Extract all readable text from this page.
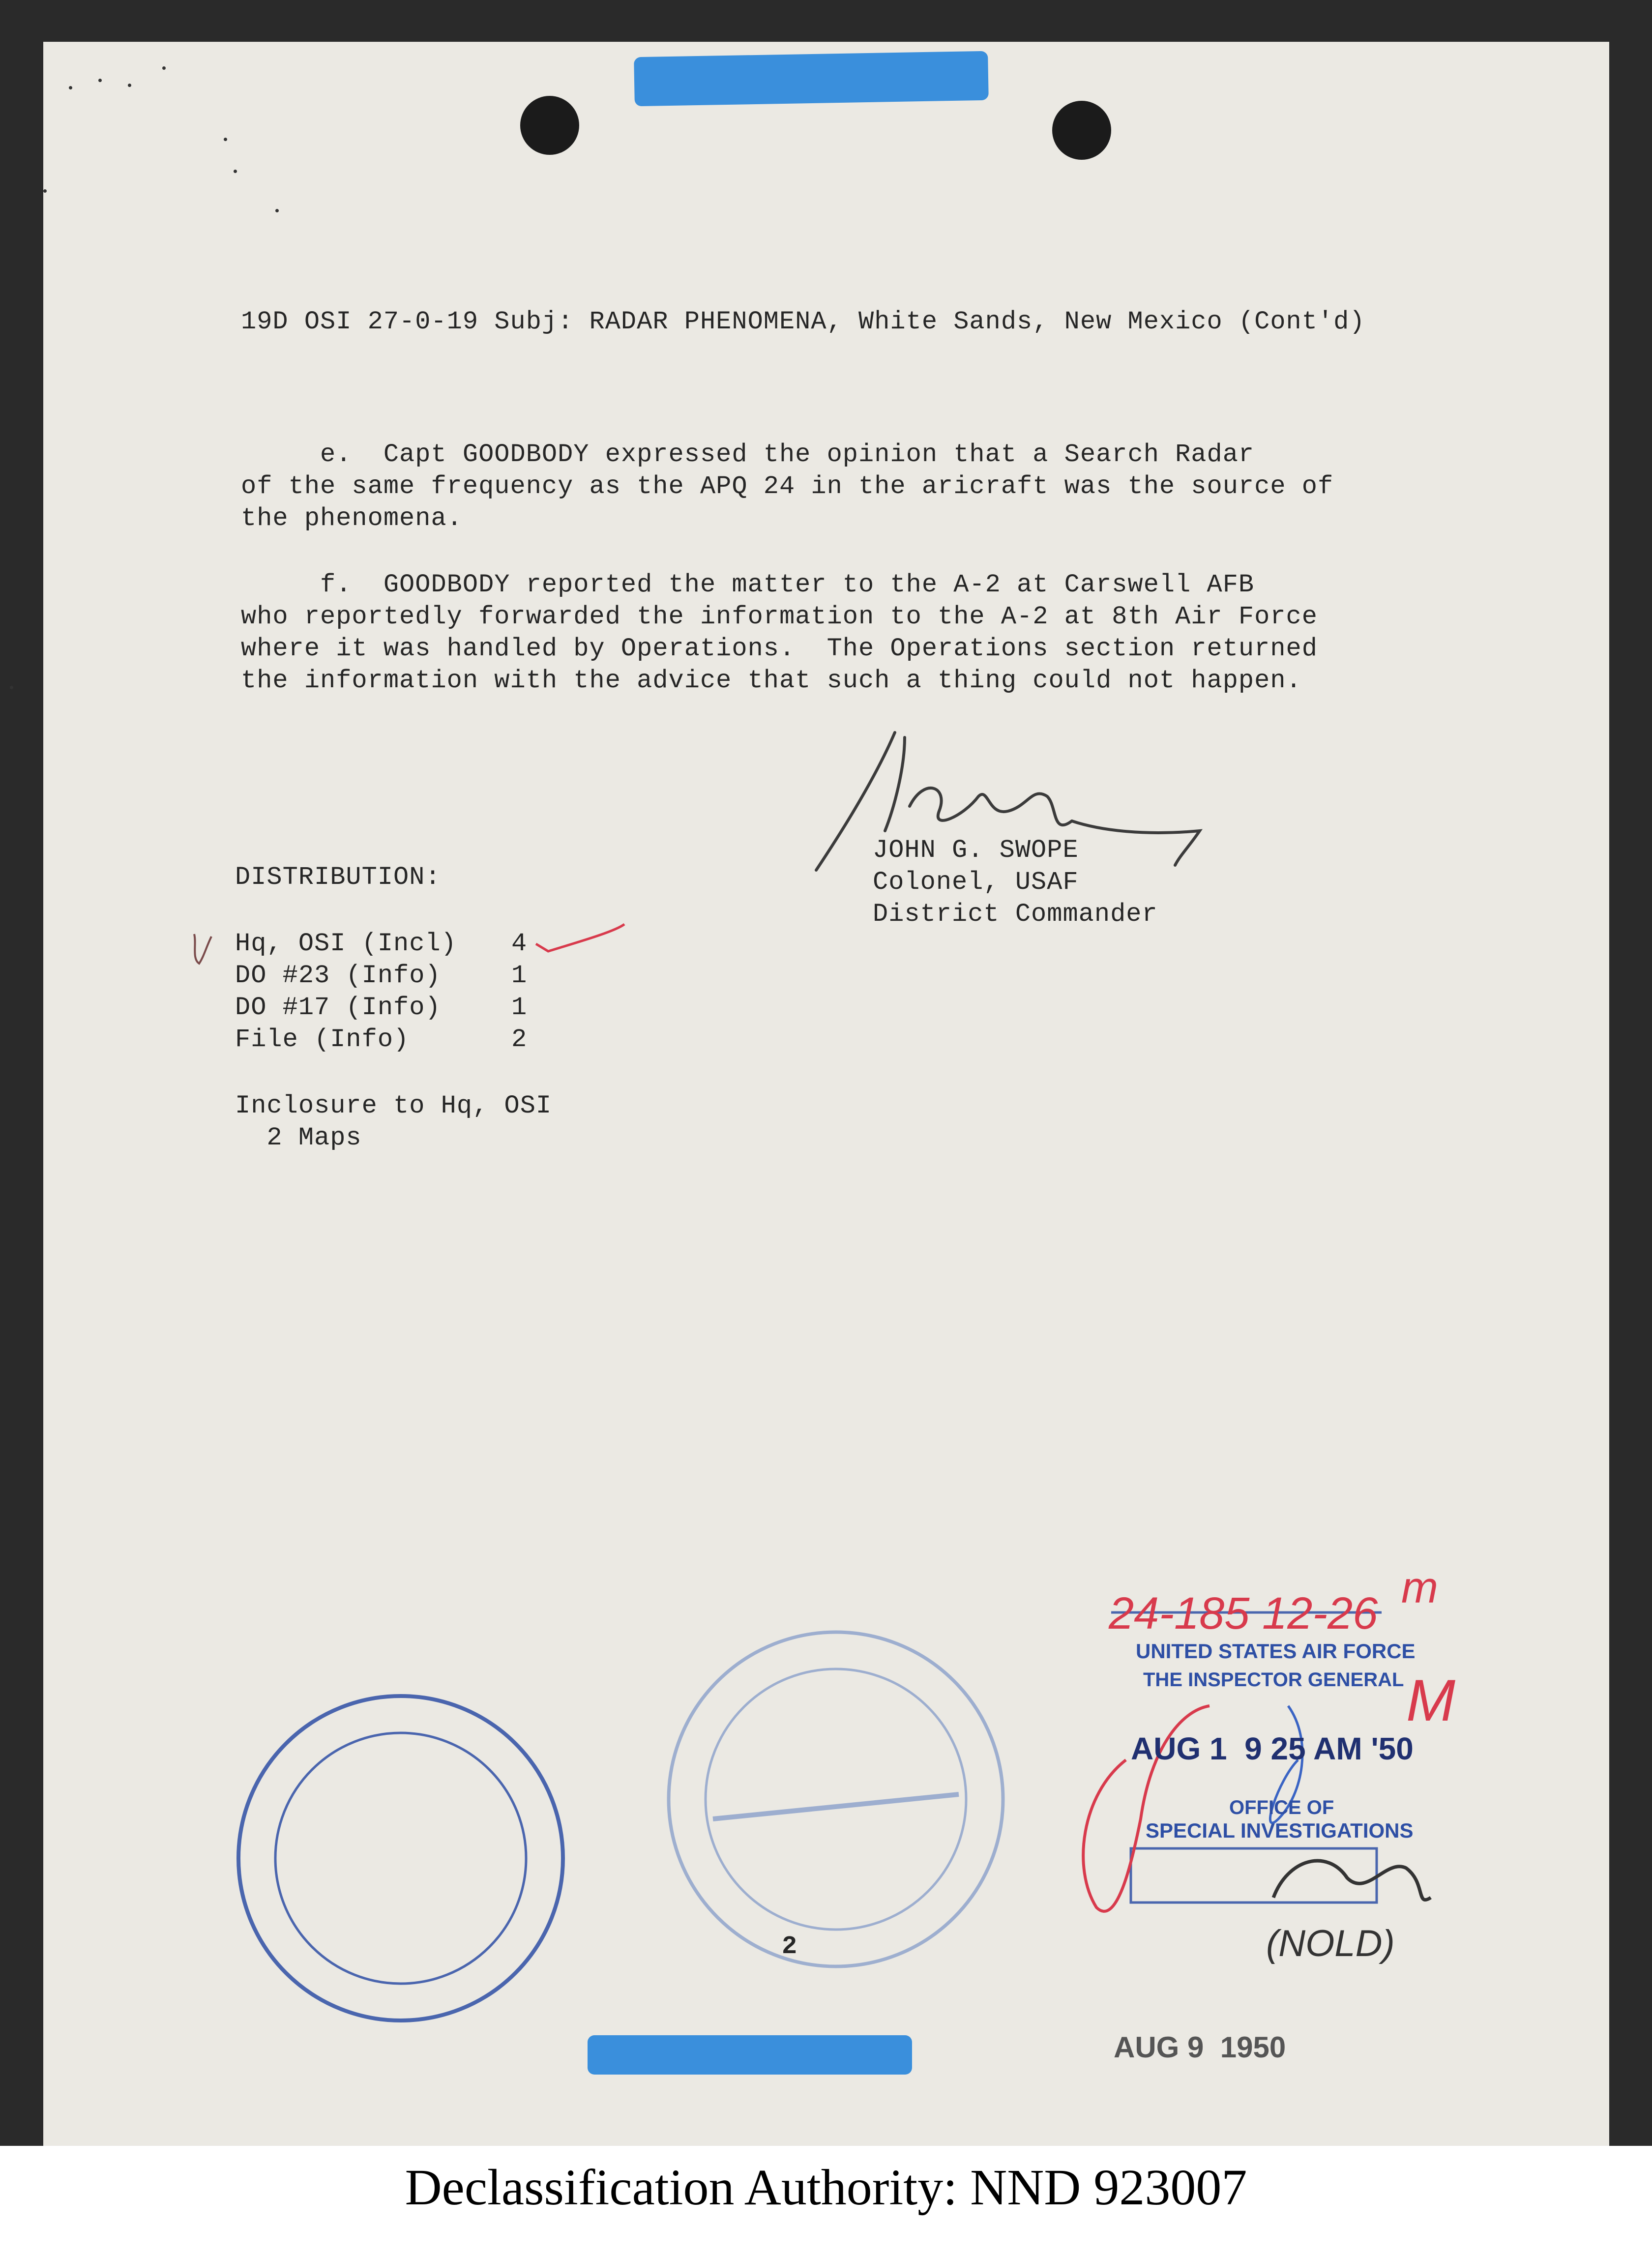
19D OSI 27-0-19 Subj: RADAR PHENOMENA, White Sands, New Mexico (Cont'd)
e.  Capt GOODBODY expressed the opinion that a Search Radar
of the same frequency as the APQ 24 in the aricraft was the source of
the phenomena.
f.  GOODBODY reported the matter to the A-2 at Carswell AFB
who reportedly forwarded the information to the A-2 at 8th Air Force
where it was handled by Operations.  The Operations section returned
the information with the advice that such a thing could not happen.
JOHN G. SWOPE
Colonel, USAF
District Commander
DISTRIBUTION:
Hq, OSI (Incl) 4
DO #23 (Info)	1
DO #17 (Info)	1
File (Info)	2
Inclosure to Hq, OSI
2 Maps
2
m
M
24-185 12-26
UNITED STATES AIR FORCE
THE INSPECTOR GENERAL
AUG 1  9 25 AM '50
OFFICE OF
SPECIAL INVESTIGATIONS
(NOLD)
AUG 9  1950
Declassification Authority: NND 923007
